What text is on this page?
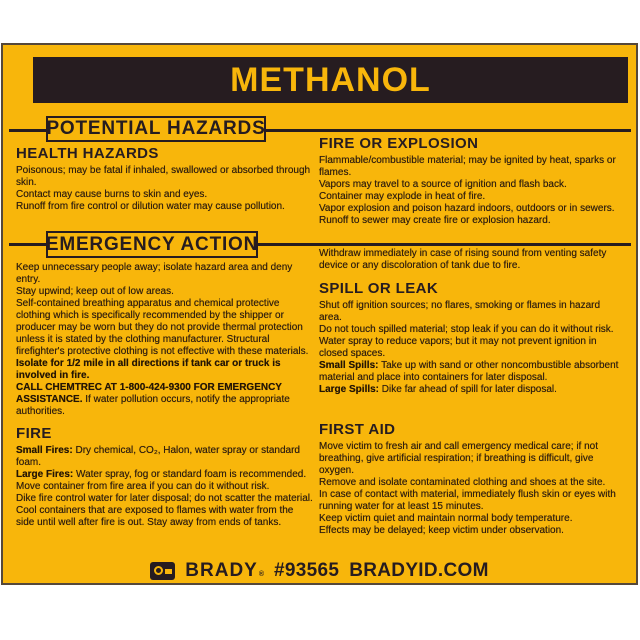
METHANOL
POTENTIAL HAZARDS
EMERGENCY ACTION
HEALTH HAZARDS

Poisonous; may be fatal if inhaled, swallowed or absorbed through skin.

Contact may cause burns to skin and eyes.

Runoff from fire control or dilution water may cause pollution.

Keep unnecessary people away; isolate hazard area and deny entry.

Stay upwind; keep out of low areas.

Self-contained breathing apparatus and chemical protective clothing which is specifically recommended by the shipper or producer may be worn but they do not provide thermal protection unless it is stated by the clothing manufacturer. Structural firefighter's protective clothing is not effective with these materials.

Isolate for 1/2 mile in all directions if tank car or truck is involved in fire.

CALL CHEMTREC AT 1-800-424-9300 FOR EMERGENCY ASSISTANCE. If water pollution occurs, notify the appropriate authorities.

FIRE

Small Fires: Dry chemical, CO₂, Halon, water spray or standard foam.

Large Fires: Water spray, fog or standard foam is recommended.

Move container from fire area if you can do it without risk.

Dike fire control water for later disposal; do not scatter the material.

Cool containers that are exposed to flames with water from the side until well after fire is out. Stay away from ends of tanks.

FIRE OR EXPLOSION

Flammable/combustible material; may be ignited by heat, sparks or flames.

Vapors may travel to a source of ignition and flash back.

Container may explode in heat of fire.

Vapor explosion and poison hazard indoors, outdoors or in sewers.

Runoff to sewer may create fire or explosion hazard.

Withdraw immediately in case of rising sound from venting safety device or any discoloration of tank due to fire.

SPILL OR LEAK

Shut off ignition sources; no flares, smoking or flames in hazard area.

Do not touch spilled material; stop leak if you can do it without risk.

Water spray to reduce vapors; but it may not prevent ignition in closed spaces.

Small Spills: Take up with sand or other noncombustible absorbent material and place into containers for later disposal.

Large Spills: Dike far ahead of spill for later disposal.

FIRST AID

Move victim to fresh air and call emergency medical care; if not breathing, give artificial respiration; if breathing is difficult, give oxygen.

Remove and isolate contaminated clothing and shoes at the site.

In case of contact with material, immediately flush skin or eyes with running water for at least 15 minutes.

Keep victim quiet and maintain normal body temperature.

Effects may be delayed; keep victim under observation.

BRADY ® #93565 BRADYID.COM
